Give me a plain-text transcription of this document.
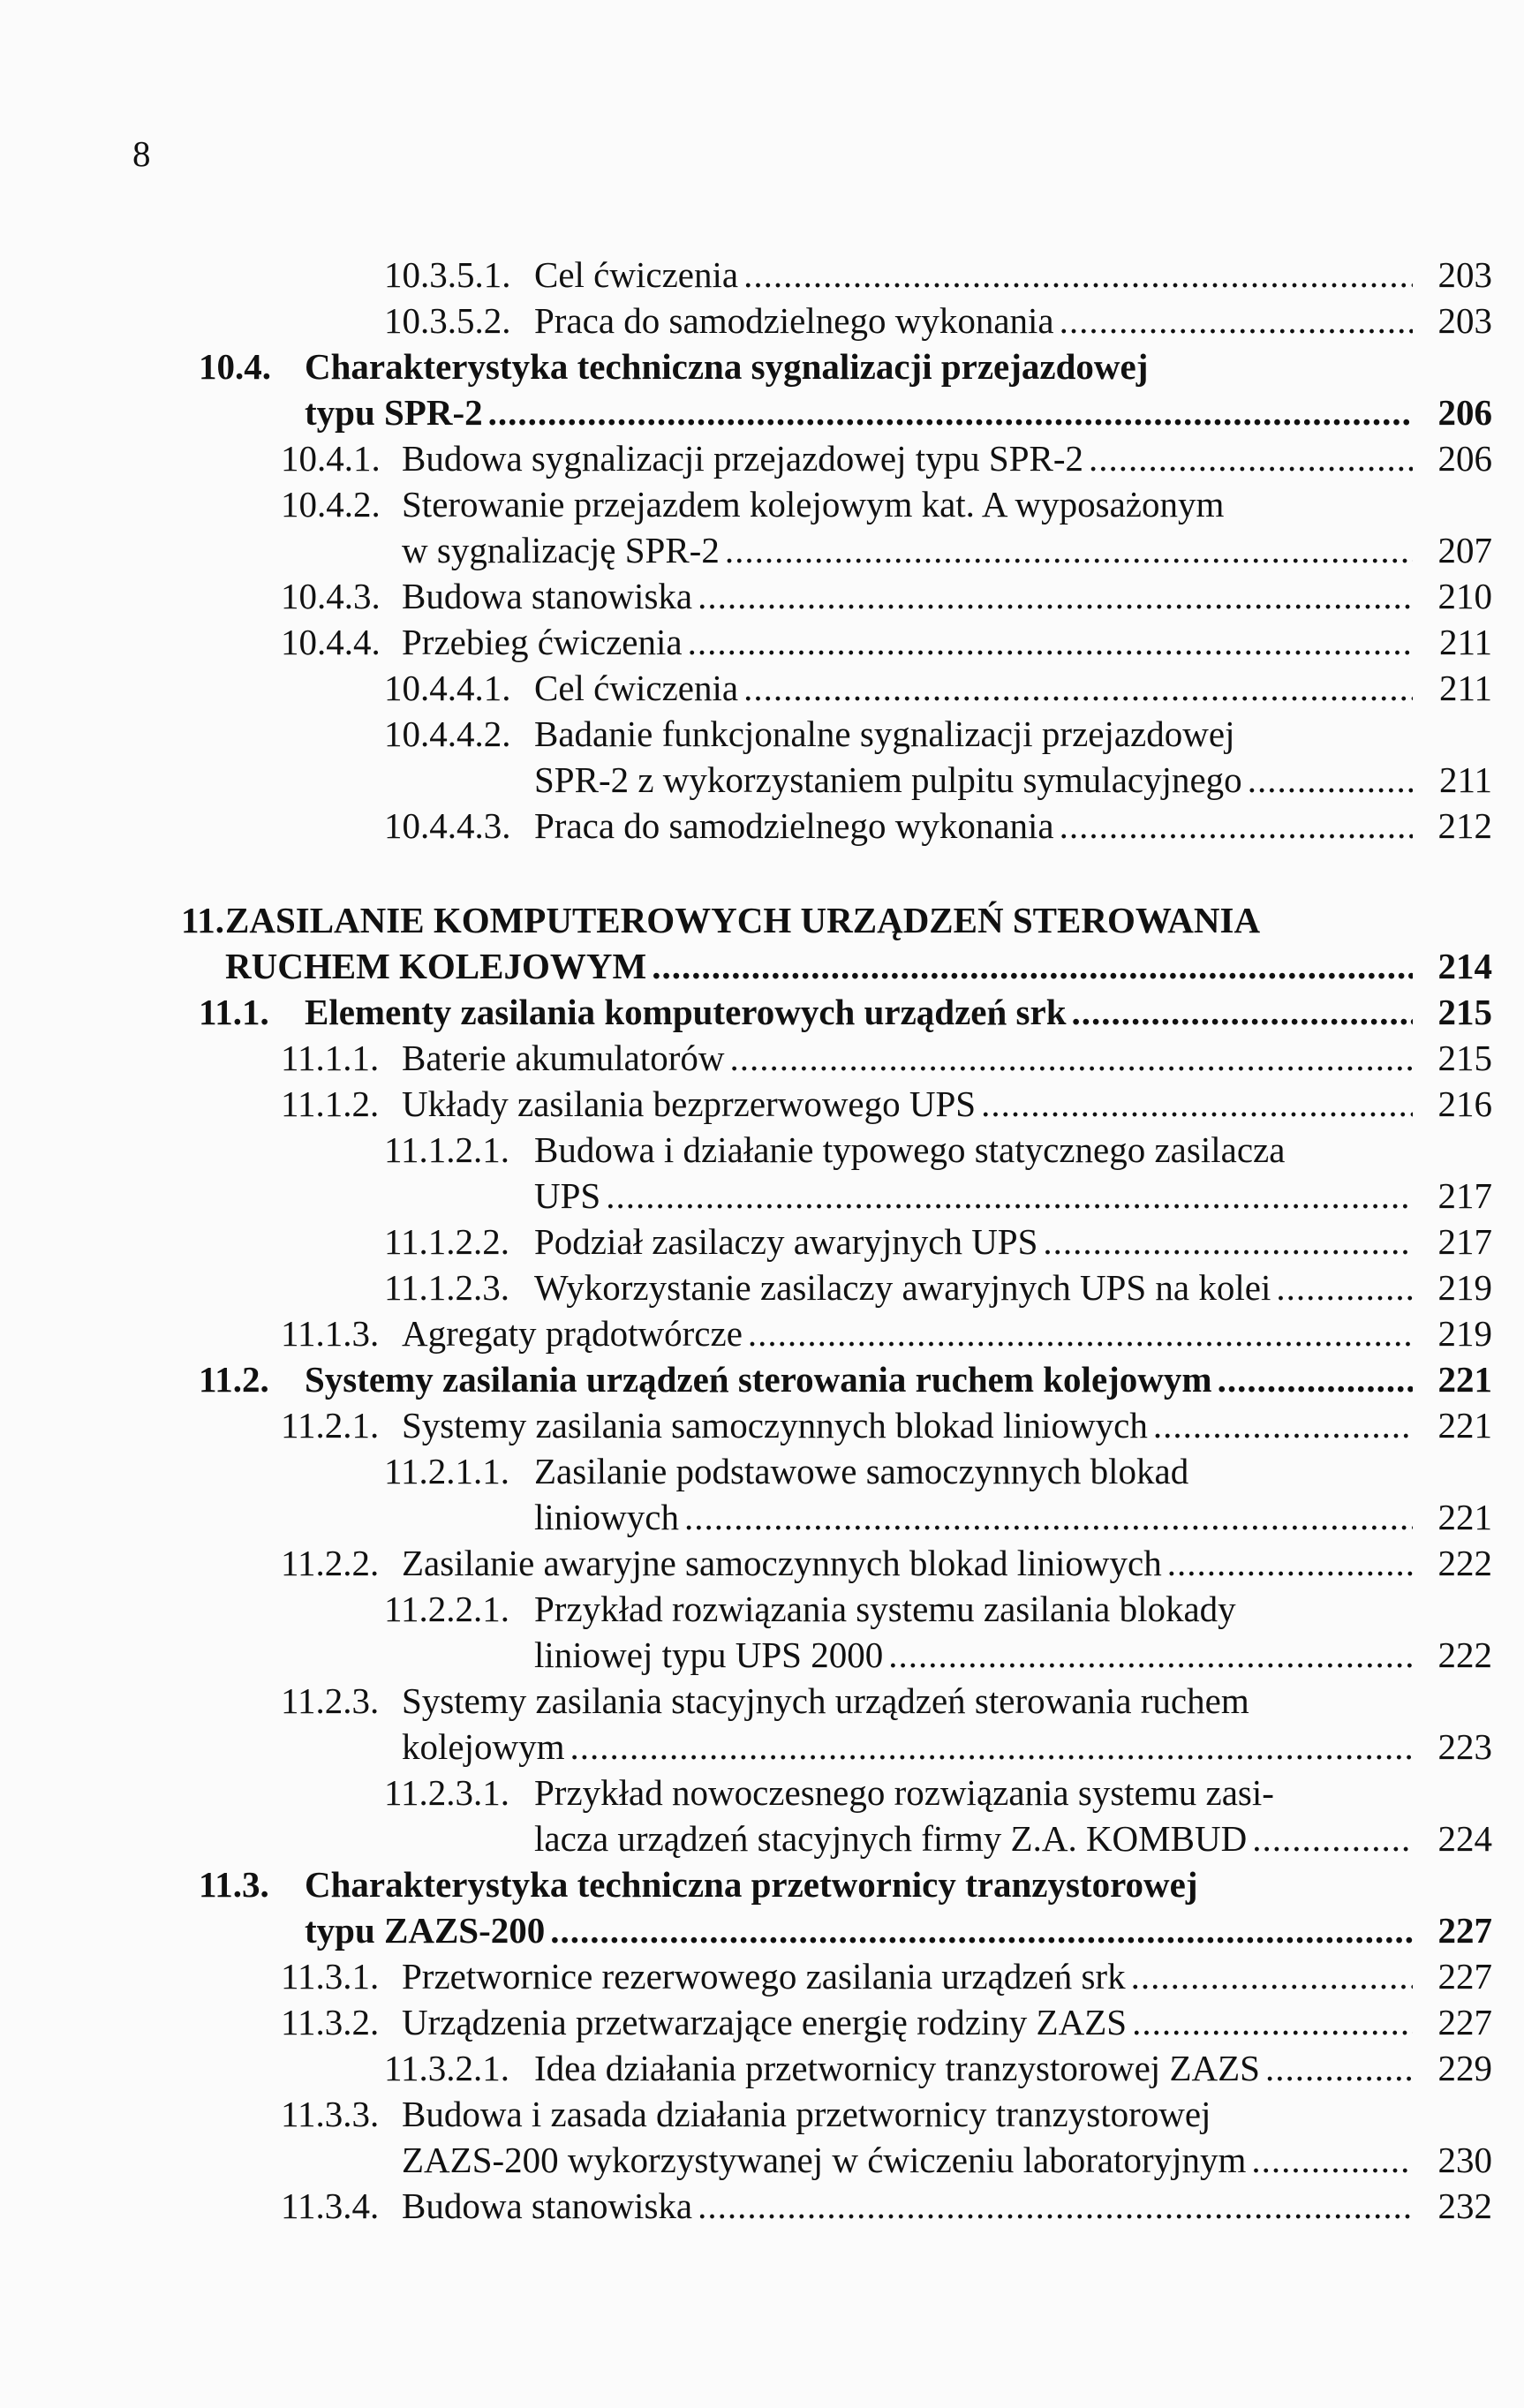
8
10.3.5.1. Cel ćwiczenia .....	203
10.3.5.2. Praca do samodzielnego wykonania .....	203
10.4. Charakterystyka techniczna sygnalizacji przejazdowej
typu SPR-2 .....	206
10.4.1. Budowa sygnalizacji przejazdowej typu SPR-2 .....	206
10.4.2. Sterowanie przejazdem kolejowym kat. A wyposażonym
w sygnalizację SPR-2 .....	207
10.4.3. Budowa stanowiska .....	210
10.4.4. Przebieg ćwiczenia .....	211
10.4.4.1. Cel ćwiczenia .....	211
10.4.4.2. Badanie funkcjonalne sygnalizacji przejazdowej
SPR-2 z wykorzystaniem pulpitu symulacyjnego .....	211
10.4.4.3. Praca do samodzielnego wykonania .....	212
11. ZASILANIE KOMPUTEROWYCH URZĄDZEŃ STEROWANIA
RUCHEM KOLEJOWYM .....	214
11.1. Elementy zasilania komputerowych urządzeń srk .....	215
11.1.1. Baterie akumulatorów .....	215
11.1.2. Układy zasilania bezprzerwowego UPS .....	216
11.1.2.1. Budowa i działanie typowego statycznego zasilacza
UPS .....	217
11.1.2.2. Podział zasilaczy awaryjnych UPS .....	217
11.1.2.3. Wykorzystanie zasilaczy awaryjnych UPS na kolei .....	219
11.1.3. Agregaty prądotwórcze .....	219
11.2. Systemy zasilania urządzeń sterowania ruchem kolejowym .....	221
11.2.1. Systemy zasilania samoczynnych blokad liniowych .....	221
11.2.1.1. Zasilanie podstawowe samoczynnych blokad
liniowych .....	221
11.2.2. Zasilanie awaryjne samoczynnych blokad liniowych .....	222
11.2.2.1. Przykład rozwiązania systemu zasilania blokady
liniowej typu UPS 2000 .....	222
11.2.3. Systemy zasilania stacyjnych urządzeń sterowania ruchem
kolejowym .....	223
11.2.3.1. Przykład nowoczesnego rozwiązania systemu zasi-
lacza urządzeń stacyjnych firmy Z.A. KOMBUD .....	224
11.3. Charakterystyka techniczna przetwornicy tranzystorowej
typu ZAZS-200 .....	227
11.3.1. Przetwornice rezerwowego zasilania urządzeń srk .....	227
11.3.2. Urządzenia przetwarzające energię rodziny ZAZS .....	227
11.3.2.1. Idea działania przetwornicy tranzystorowej ZAZS .....	229
11.3.3. Budowa i zasada działania przetwornicy tranzystorowej
ZAZS-200 wykorzystywanej w ćwiczeniu laboratoryjnym .....	230
11.3.4. Budowa stanowiska .....	232
